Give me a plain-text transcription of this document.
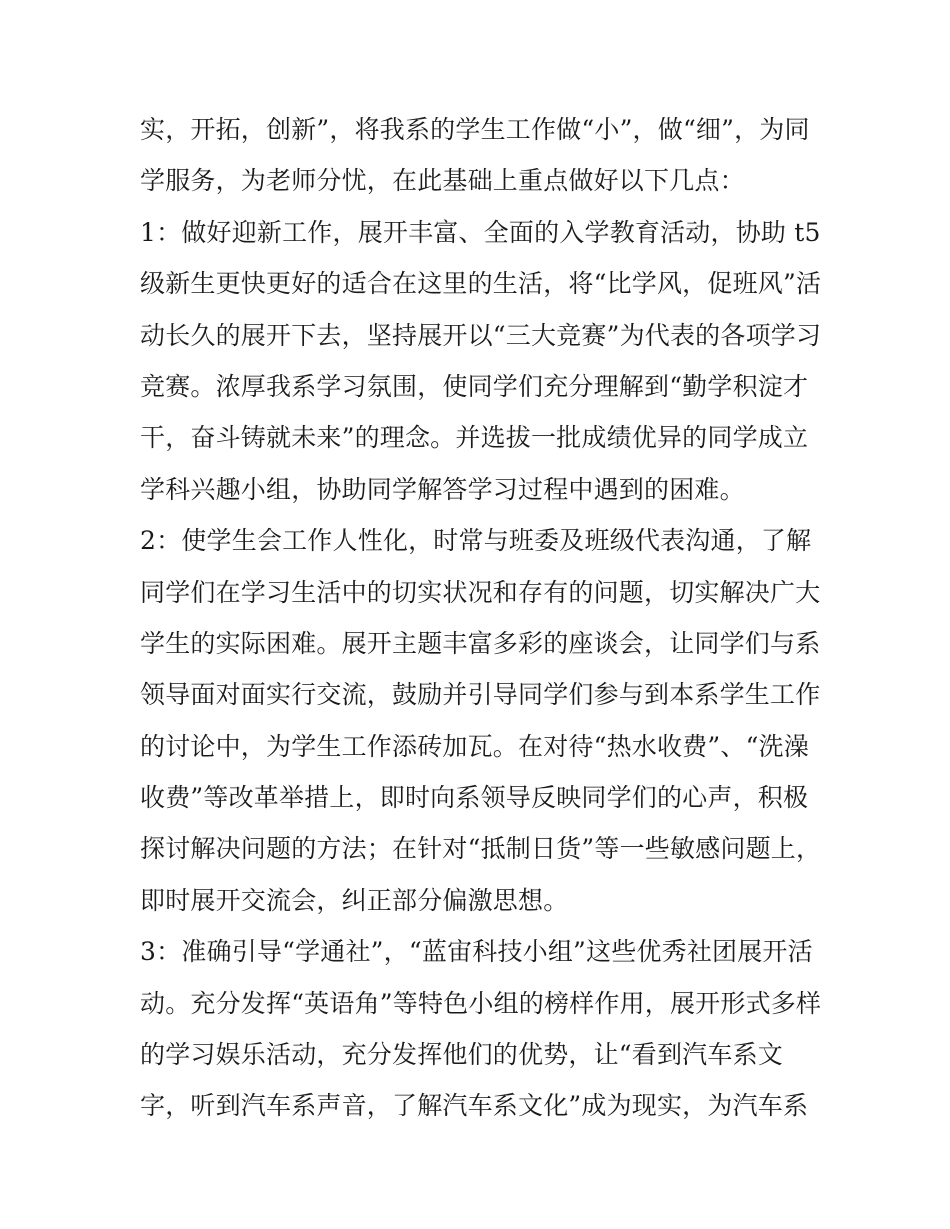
实，开拓，创新”，将我系的学生工作做“小”，做“细”，为同
学服务，为老师分忧，在此基础上重点做好以下几点：
1：做好迎新工作，展开丰富、全面的入学教育活动，协助 t5
级新生更快更好的适合在这里的生活，将“比学风，促班风”活
动长久的展开下去，坚持展开以“三大竞赛”为代表的各项学习
竞赛。浓厚我系学习氛围，使同学们充分理解到“勤学积淀才
干，奋斗铸就未来”的理念。并选拔一批成绩优异的同学成立
学科兴趣小组，协助同学解答学习过程中遇到的困难。
2：使学生会工作人性化，时常与班委及班级代表沟通，了解
同学们在学习生活中的切实状况和存有的问题，切实解决广大
学生的实际困难。展开主题丰富多彩的座谈会，让同学们与系
领导面对面实行交流，鼓励并引导同学们参与到本系学生工作
的讨论中，为学生工作添砖加瓦。在对待“热水收费”、“洗澡
收费”等改革举措上，即时向系领导反映同学们的心声，积极
探讨解决问题的方法；在针对“抵制日货”等一些敏感问题上，
即时展开交流会，纠正部分偏激思想。
3：准确引导“学通社”，“蓝宙科技小组”这些优秀社团展开活
动。充分发挥“英语角”等特色小组的榜样作用，展开形式多样
的学习娱乐活动，充分发挥他们的优势，让“看到汽车系文
字，听到汽车系声音，了解汽车系文化”成为现实，为汽车系
